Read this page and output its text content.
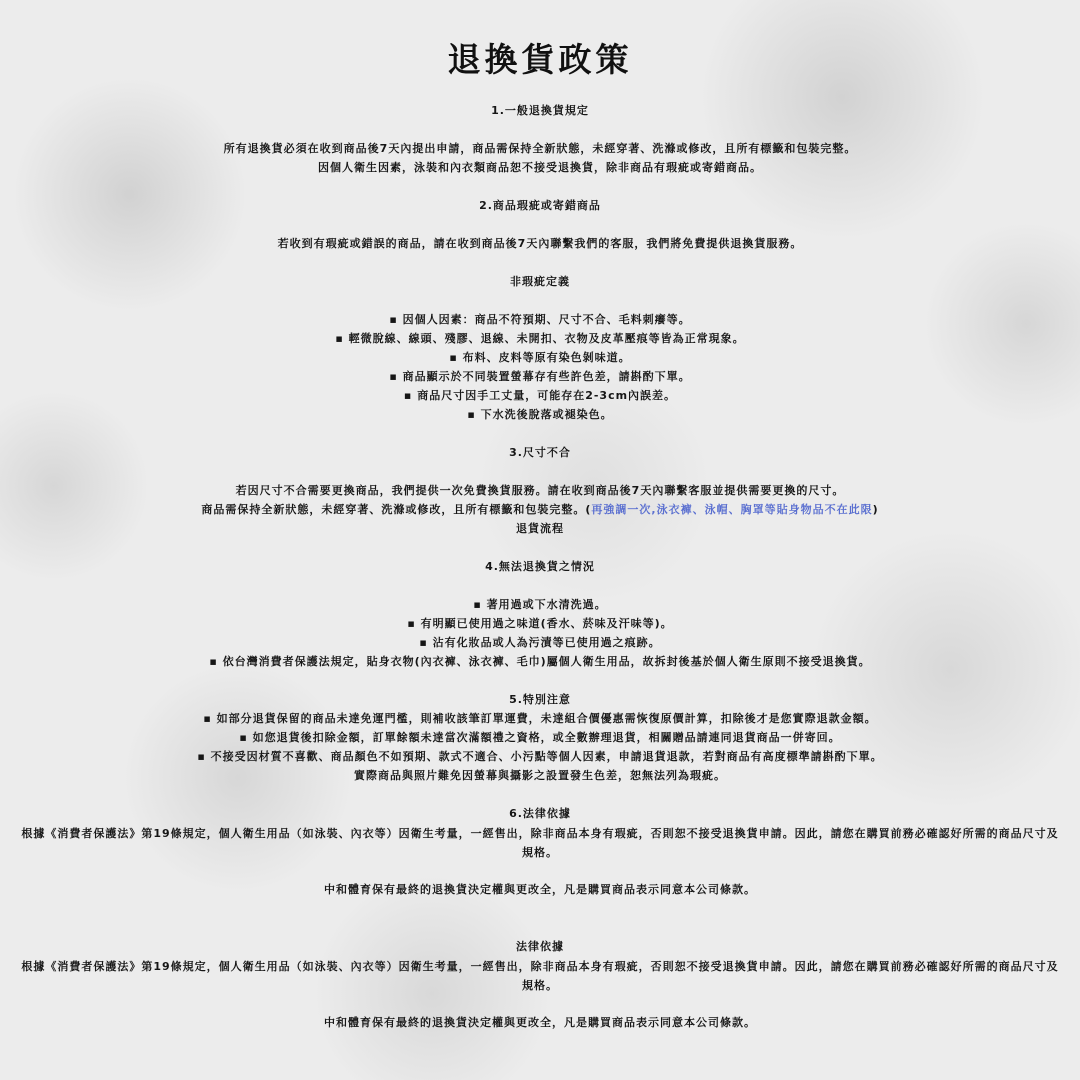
退換貨政策

1.一般退換貨規定

所有退換貨必須在收到商品後7天內提出申請，商品需保持全新狀態，未經穿著、洗滌或修改，且所有標籤和包裝完整。

因個人衛生因素，泳裝和內衣類商品恕不接受退換貨，除非商品有瑕疵或寄錯商品。

2.商品瑕疵或寄錯商品

若收到有瑕疵或錯誤的商品，請在收到商品後7天內聯繫我們的客服，我們將免費提供退換貨服務。

非瑕疵定義

▪ 因個人因素：商品不符預期、尺寸不合、毛料刺癢等。

▪ 輕微脫線、線頭、殘膠、退線、未開扣、衣物及皮革壓痕等皆為正常現象。

▪ 布料、皮料等原有染色剝味道。

▪ 商品顯示於不同裝置螢幕存有些許色差，請斟酌下單。

▪ 商品尺寸因手工丈量，可能存在2-3cm內誤差。

▪ 下水洗後脫落或褪染色。

3.尺寸不合

若因尺寸不合需要更換商品，我們提供一次免費換貨服務。請在收到商品後7天內聯繫客服並提供需要更換的尺寸。

商品需保持全新狀態，未經穿著、洗滌或修改，且所有標籤和包裝完整。(再強調一次,泳衣褲、泳帽、胸罩等貼身物品不在此限)

退貨流程

4.無法退換貨之情況

▪ 著用過或下水清洗過。

▪ 有明顯已使用過之味道(香水、菸味及汗味等)。

▪ 沾有化妝品或人為污漬等已使用過之痕跡。

▪ 依台灣消費者保護法規定，貼身衣物(內衣褲、泳衣褲、毛巾)屬個人衛生用品，故拆封後基於個人衛生原則不接受退換貨。

5.特別注意

▪ 如部分退貨保留的商品未達免運門檻，則補收該筆訂單運費，未達組合價優惠需恢復原價計算，扣除後才是您實際退款金額。

▪ 如您退貨後扣除金額，訂單餘額未達當次滿額禮之資格，或全數辦理退貨，相關贈品請連同退貨商品一併寄回。

▪ 不接受因材質不喜歡、商品顏色不如預期、款式不適合、小污點等個人因素，申請退貨退款，若對商品有高度標準請斟酌下單。

實際商品與照片難免因螢幕與攝影之設置發生色差，恕無法列為瑕疵。

6.法律依據

根據《消費者保護法》第19條規定，個人衛生用品（如泳裝、內衣等）因衛生考量，一經售出，除非商品本身有瑕疵，否則恕不接受退換貨申請。因此，請您在購買前務必確認好所需的商品尺寸及規格。

中和體育保有最終的退換貨決定權與更改全，凡是購買商品表示同意本公司條款。

法律依據

根據《消費者保護法》第19條規定，個人衛生用品（如泳裝、內衣等）因衛生考量，一經售出，除非商品本身有瑕疵，否則恕不接受退換貨申請。因此，請您在購買前務必確認好所需的商品尺寸及規格。

中和體育保有最終的退換貨決定權與更改全，凡是購買商品表示同意本公司條款。
